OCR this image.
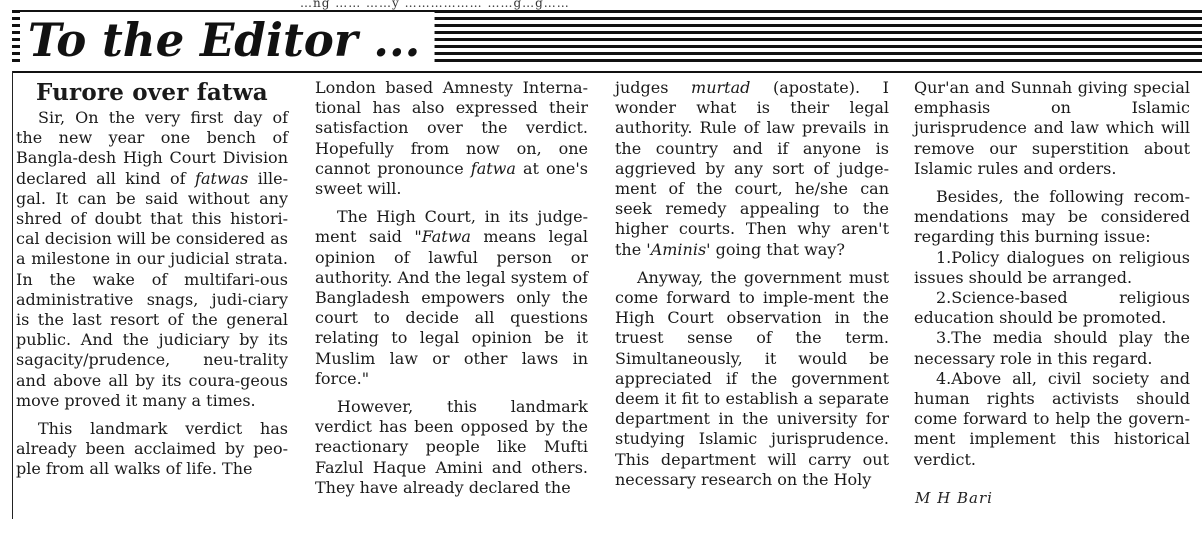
…ng …… ……y ……………… ……g…g……
To the Editor ...
Furore over fatwa

Sir, On the very first day of the new year one bench of Bangla-desh High Court Division declared all kind of fatwas ille-gal. It can be said without any shred of doubt that this histori-cal decision will be considered as a milestone in our judicial strata. In the wake of multifari-ous administrative snags, judi-ciary is the last resort of the general public. And the judiciary by its sagacity/prudence, neu-trality and above all by its coura-geous move proved it many a times.

This landmark verdict has already been acclaimed by peo-ple from all walks of life. The

London based Amnesty Interna-tional has also expressed their satisfaction over the verdict. Hopefully from now on, one cannot pronounce fatwa at one's sweet will.

The High Court, in its judge-ment said "Fatwa means legal opinion of lawful person or authority. And the legal system of Bangladesh empowers only the court to decide all questions relating to legal opinion be it Muslim law or other laws in force."

However, this landmark verdict has been opposed by the reactionary people like Mufti Fazlul Haque Amini and others. They have already declared the

judges murtad (apostate). I wonder what is their legal authority. Rule of law prevails in the country and if anyone is aggrieved by any sort of judge-ment of the court, he/she can seek remedy appealing to the higher courts. Then why aren't the 'Aminis' going that way?

Anyway, the government must come forward to imple-ment the High Court observation in the truest sense of the term. Simultaneously, it would be appreciated if the government deem it fit to establish a separate department in the university for studying Islamic jurisprudence. This department will carry out necessary research on the Holy

Qur'an and Sunnah giving special emphasis on Islamic jurisprudence and law which will remove our superstition about Islamic rules and orders.

Besides, the following recom-mendations may be considered regarding this burning issue:

1.Policy dialogues on religious issues should be arranged.

2.Science-based religious education should be promoted.

3.The media should play the necessary role in this regard.

4.Above all, civil society and human rights activists should come forward to help the govern-ment implement this historical verdict.

M H Bari
